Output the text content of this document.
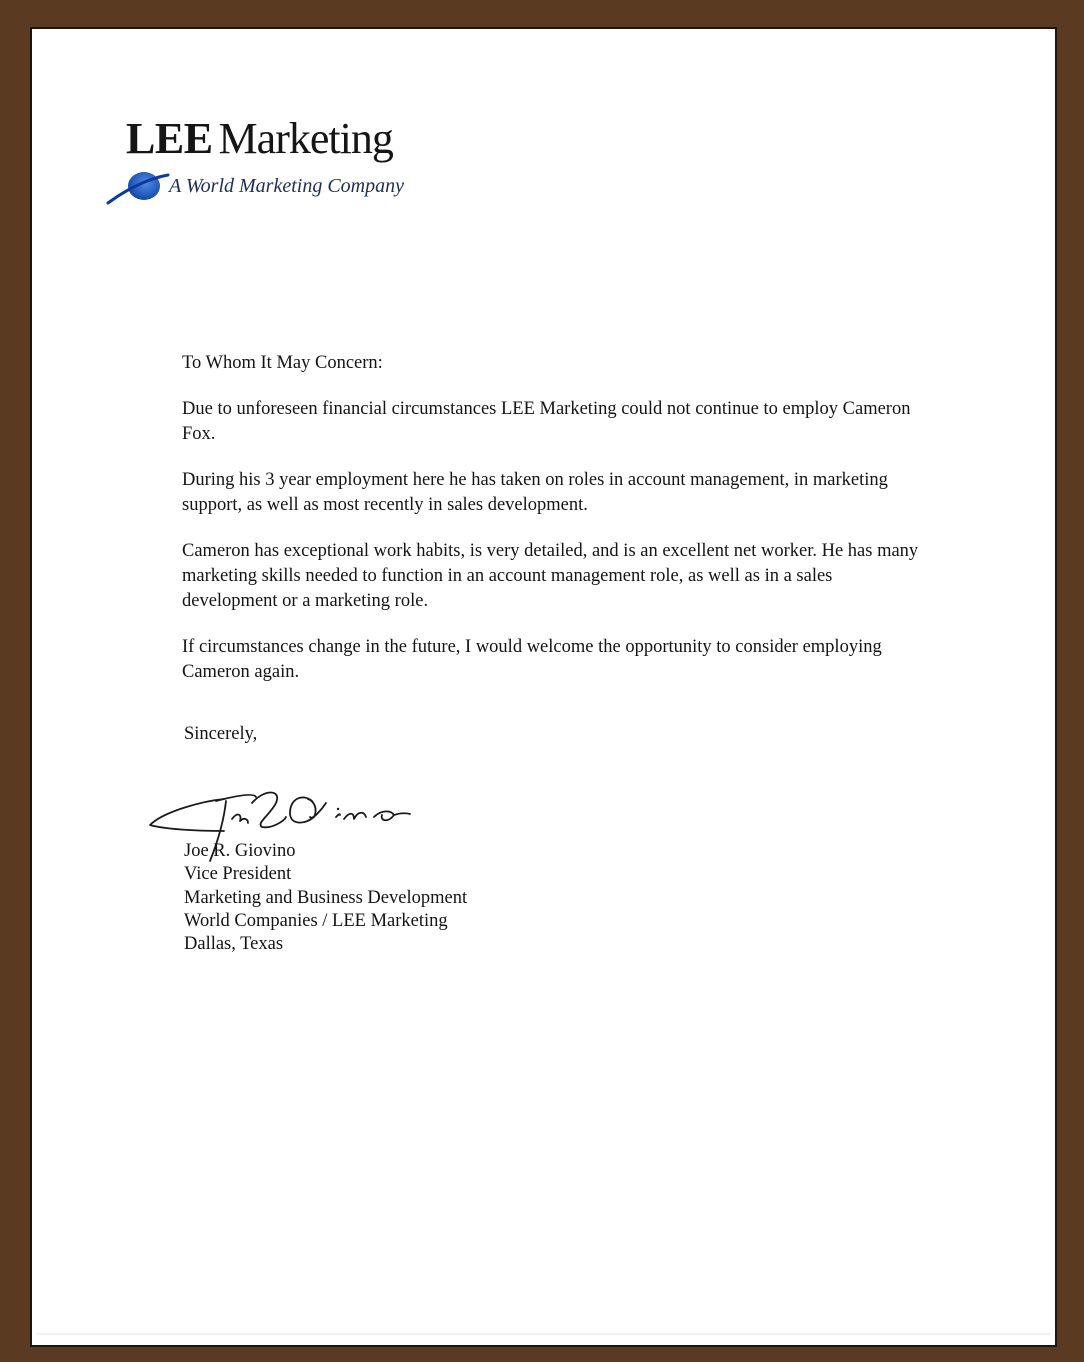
LEE Marketing
A World Marketing Company

To Whom It May Concern:

Due to unforeseen financial circumstances LEE Marketing could not continue to employ Cameron Fox.

During his 3 year employment here he has taken on roles in account management, in marketing support, as well as most recently in sales development.

Cameron has exceptional work habits, is very detailed, and is an excellent net worker. He has many marketing skills needed to function in an account management role, as well as in a sales development or a marketing role.

If circumstances change in the future, I would welcome the opportunity to consider employing Cameron again.

Sincerely,
Joe R. Giovino
Vice President
Marketing and Business Development
World Companies / LEE Marketing
Dallas, Texas
